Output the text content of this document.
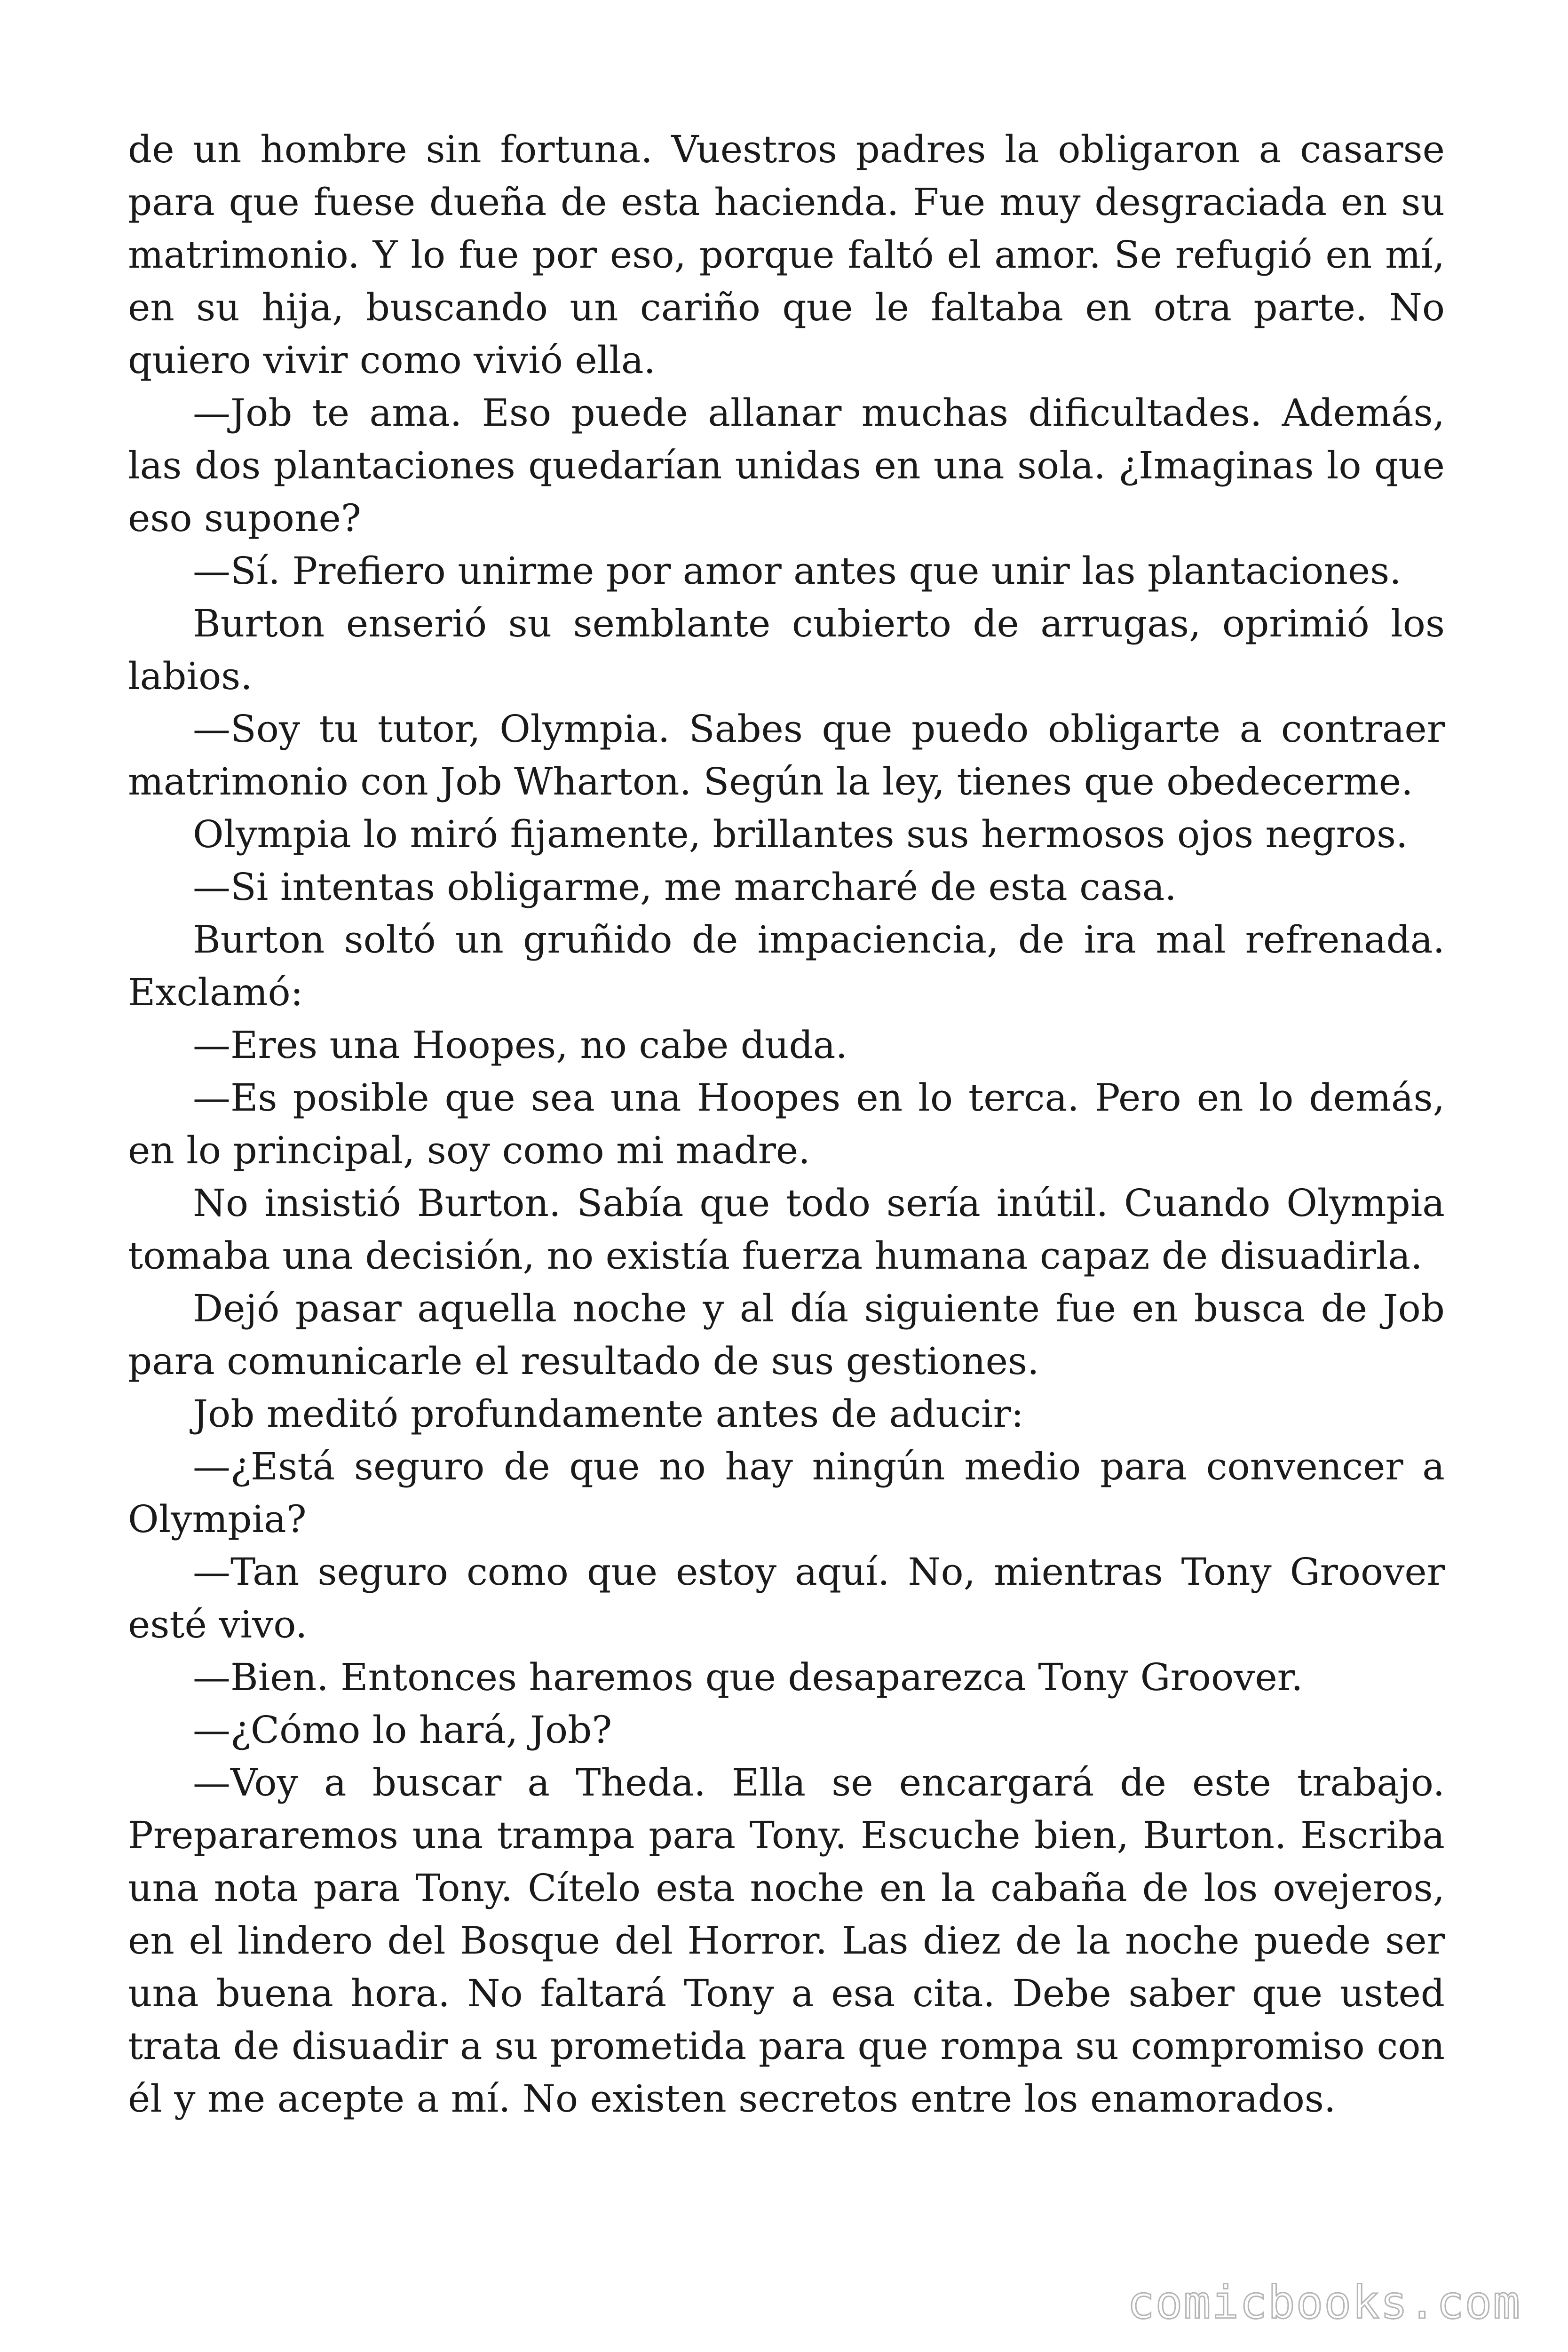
de un hombre sin fortuna. Vuestros padres la obligaron a casarse para que fuese dueña de esta hacienda. Fue muy desgraciada en su matrimonio. Y lo fue por eso, porque faltó el amor. Se refugió en mí, en su hija, buscando un cariño que le faltaba en otra parte. No quiero vivir como vivió ella.

—Job te ama. Eso puede allanar muchas dificultades. Además, las dos plantaciones quedarían unidas en una sola. ¿Imaginas lo que eso supone?

—Sí. Prefiero unirme por amor antes que unir las plantaciones.

Burton enserió su semblante cubierto de arrugas, oprimió los labios.

—Soy tu tutor, Olympia. Sabes que puedo obligarte a contraer matrimonio con Job Wharton. Según la ley, tienes que obedecerme.

Olympia lo miró fijamente, brillantes sus hermosos ojos negros.

—Si intentas obligarme, me marcharé de esta casa.

Burton soltó un gruñido de impaciencia, de ira mal refrenada. Exclamó:

—Eres una Hoopes, no cabe duda.

—Es posible que sea una Hoopes en lo terca. Pero en lo demás, en lo principal, soy como mi madre.

No insistió Burton. Sabía que todo sería inútil. Cuando Olympia tomaba una decisión, no existía fuerza humana capaz de disuadirla.

Dejó pasar aquella noche y al día siguiente fue en busca de Job para comunicarle el resultado de sus gestiones.

Job meditó profundamente antes de aducir:

—¿Está seguro de que no hay ningún medio para convencer a Olympia?

—Tan seguro como que estoy aquí. No, mientras Tony Groover esté vivo.

—Bien. Entonces haremos que desaparezca Tony Groover.

—¿Cómo lo hará, Job?

—Voy a buscar a Theda. Ella se encargará de este trabajo. Prepararemos una trampa para Tony. Escuche bien, Burton. Escriba una nota para Tony. Cítelo esta noche en la cabaña de los ovejeros, en el lindero del Bosque del Horror. Las diez de la noche puede ser una buena hora. No faltará Tony a esa cita. Debe saber que usted trata de disuadir a su prometida para que rompa su compromiso con él y me acepte a mí. No existen secretos entre los enamorados.

comicbooks.com
